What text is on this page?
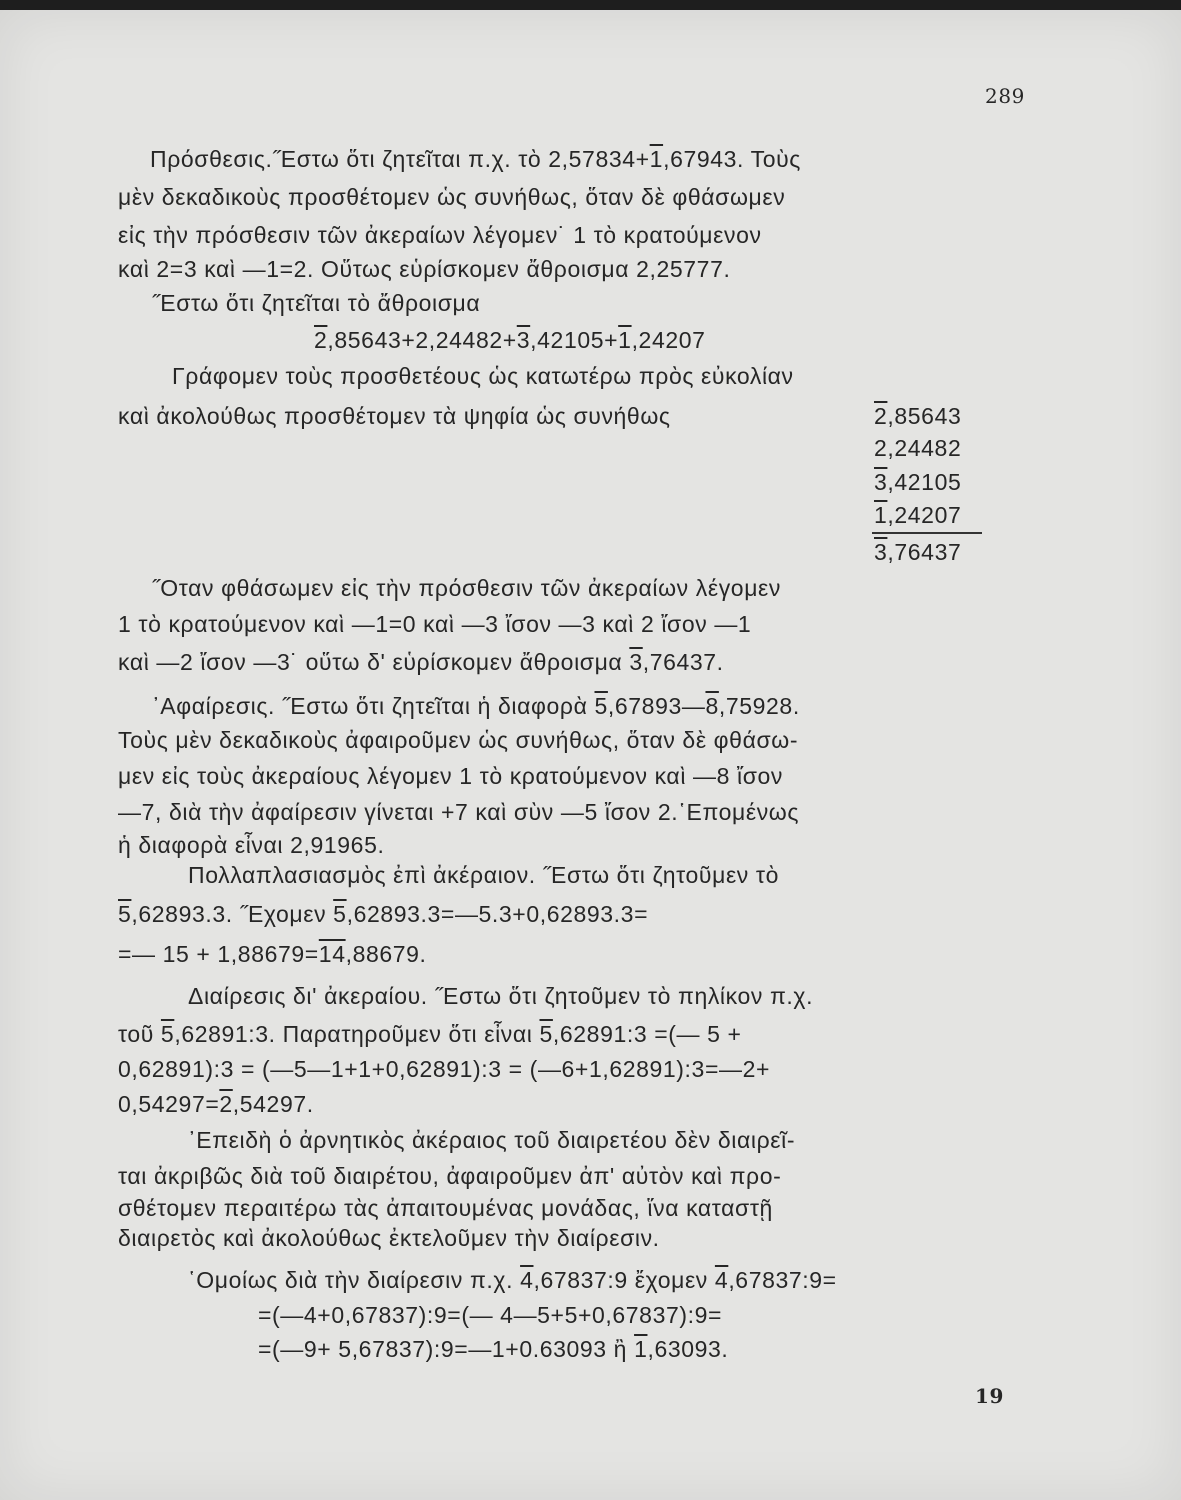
289
Πρόσθεσις.˝Εστω ὅτι ζητεῖται π.χ. τὸ 2,57834+1,67943. Τοὺς
μὲν δεκαδικοὺς προσθέτομεν ὡς συνήθως, ὅταν δὲ φθάσωμεν
εἰς τὴν πρόσθεσιν τῶν ἀκεραίων λέγομεν˙ 1 τὸ κρατούμενον
καὶ 2=3 καὶ —1=2. Οὕτως εὑρίσκομεν ἄθροισμα 2,25777.
˝Εστω ὅτι ζητεῖται τὸ ἄθροισμα
2,85643+2,24482+3,42105+1,24207
Γράφομεν τοὺς προσθετέους ὡς κατωτέρω πρὸς εὐκολίαν
καὶ ἀκολούθως προσθέτομεν τὰ ψηφία ὡς συνήθως	2,85643
2,24482
3,42105
1,24207
3,76437
˝Οταν φθάσωμεν εἰς τὴν πρόσθεσιν τῶν ἀκεραίων λέγομεν
1 τὸ κρατούμενον καὶ —1=0 καὶ —3 ἴσον —3 καὶ 2 ἴσον —1
καὶ —2 ἴσον —3˙ οὕτω δ' εὑρίσκομεν ἄθροισμα 3,76437.
᾿Αφαίρεσις. ˝Εστω ὅτι ζητεῖται ἡ διαφορὰ 5,67893—8,75928.
Τοὺς μὲν δεκαδικοὺς ἀφαιροῦμεν ὡς συνήθως, ὅταν δὲ φθάσω-
μεν εἰς τοὺς ἀκεραίους λέγομεν 1 τὸ κρατούμενον καὶ —8 ἴσον
—7, διὰ τὴν ἀφαίρεσιν γίνεται +7 καὶ σὺν —5 ἴσον 2.῾Επομένως
ἡ διαφορὰ εἶναι 2,91965.
Πολλαπλασιασμὸς ἐπὶ ἀκέραιον. ˝Εστω ὅτι ζητοῦμεν τὸ
5,62893.3. ˝Εχομεν 5,62893.3=—5.3+0,62893.3=
=— 15 + 1,88679=14,88679.
Διαίρεσις δι' ἀκεραίου. ˝Εστω ὅτι ζητοῦμεν τὸ πηλίκον π.χ.
τοῦ 5,62891:3. Παρατηροῦμεν ὅτι εἶναι 5,62891:3 =(— 5 +
0,62891):3 = (—5—1+1+0,62891):3 = (—6+1,62891):3=—2+
0,54297=2,54297.
᾿Επειδὴ ὁ ἀρνητικὸς ἀκέραιος τοῦ διαιρετέου δὲν διαιρεῖ-
ται ἀκριβῶς διὰ τοῦ διαιρέτου, ἀφαιροῦμεν ἀπ' αὐτὸν καὶ προ-
σθέτομεν περαιτέρω τὰς ἀπαιτουμένας μονάδας, ἵνα καταστῇ
διαιρετὸς καὶ ἀκολούθως ἐκτελοῦμεν τὴν διαίρεσιν.
῾Ομοίως διὰ τὴν διαίρεσιν π.χ. 4,67837:9 ἔχομεν 4,67837:9=
=(—4+0,67837):9=(— 4—5+5+0,67837):9=
=(—9+ 5,67837):9=—1+0.63093 ἢ 1,63093.
19
